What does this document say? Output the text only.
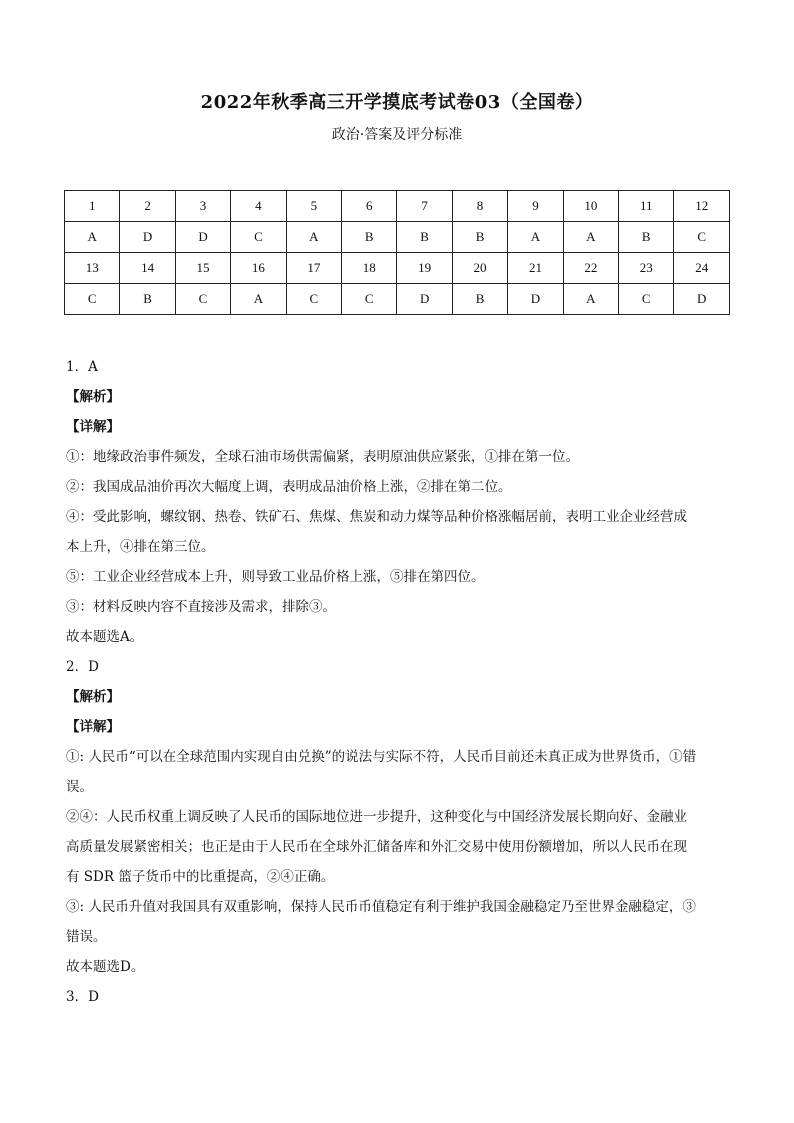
2022年秋季高三开学摸底考试卷03（全国卷）
政治·答案及评分标准
1	2	3	4	5	6	7	8	9	10	11	12
A	D	D	C	A	B	B	B	A	A	B	C
13	14	15	16	17	18	19	20	21	22	23	24
C	B	C	A	C	C	D	B	D	A	C	D

1．A

【解析】

【详解】

①：地缘政治事件频发，全球石油市场供需偏紧，表明原油供应紧张，①排在第一位。

②：我国成品油价再次大幅度上调，表明成品油价格上涨，②排在第二位。

④：受此影响，螺纹钢、热卷、铁矿石、焦煤、焦炭和动力煤等品种价格涨幅居前，表明工业企业经营成

本上升，④排在第三位。

⑤：工业企业经营成本上升，则导致工业品价格上涨，⑤排在第四位。

③：材料反映内容不直接涉及需求，排除③。

故本题选A。

2．D

【解析】

【详解】

①: 人民币“可以在全球范围内实现自由兑换”的说法与实际不符，人民币目前还未真正成为世界货币，①错

误。

②④：人民币权重上调反映了人民币的国际地位进一步提升，这种变化与中国经济发展长期向好、金融业

高质量发展紧密相关；也正是由于人民币在全球外汇储备库和外汇交易中使用份额增加，所以人民币在现

有 SDR 篮子货币中的比重提高，②④正确。

③: 人民币升值对我国具有双重影响，保持人民币币值稳定有利于维护我国金融稳定乃至世界金融稳定，③

错误。

故本题选D。

3．D
